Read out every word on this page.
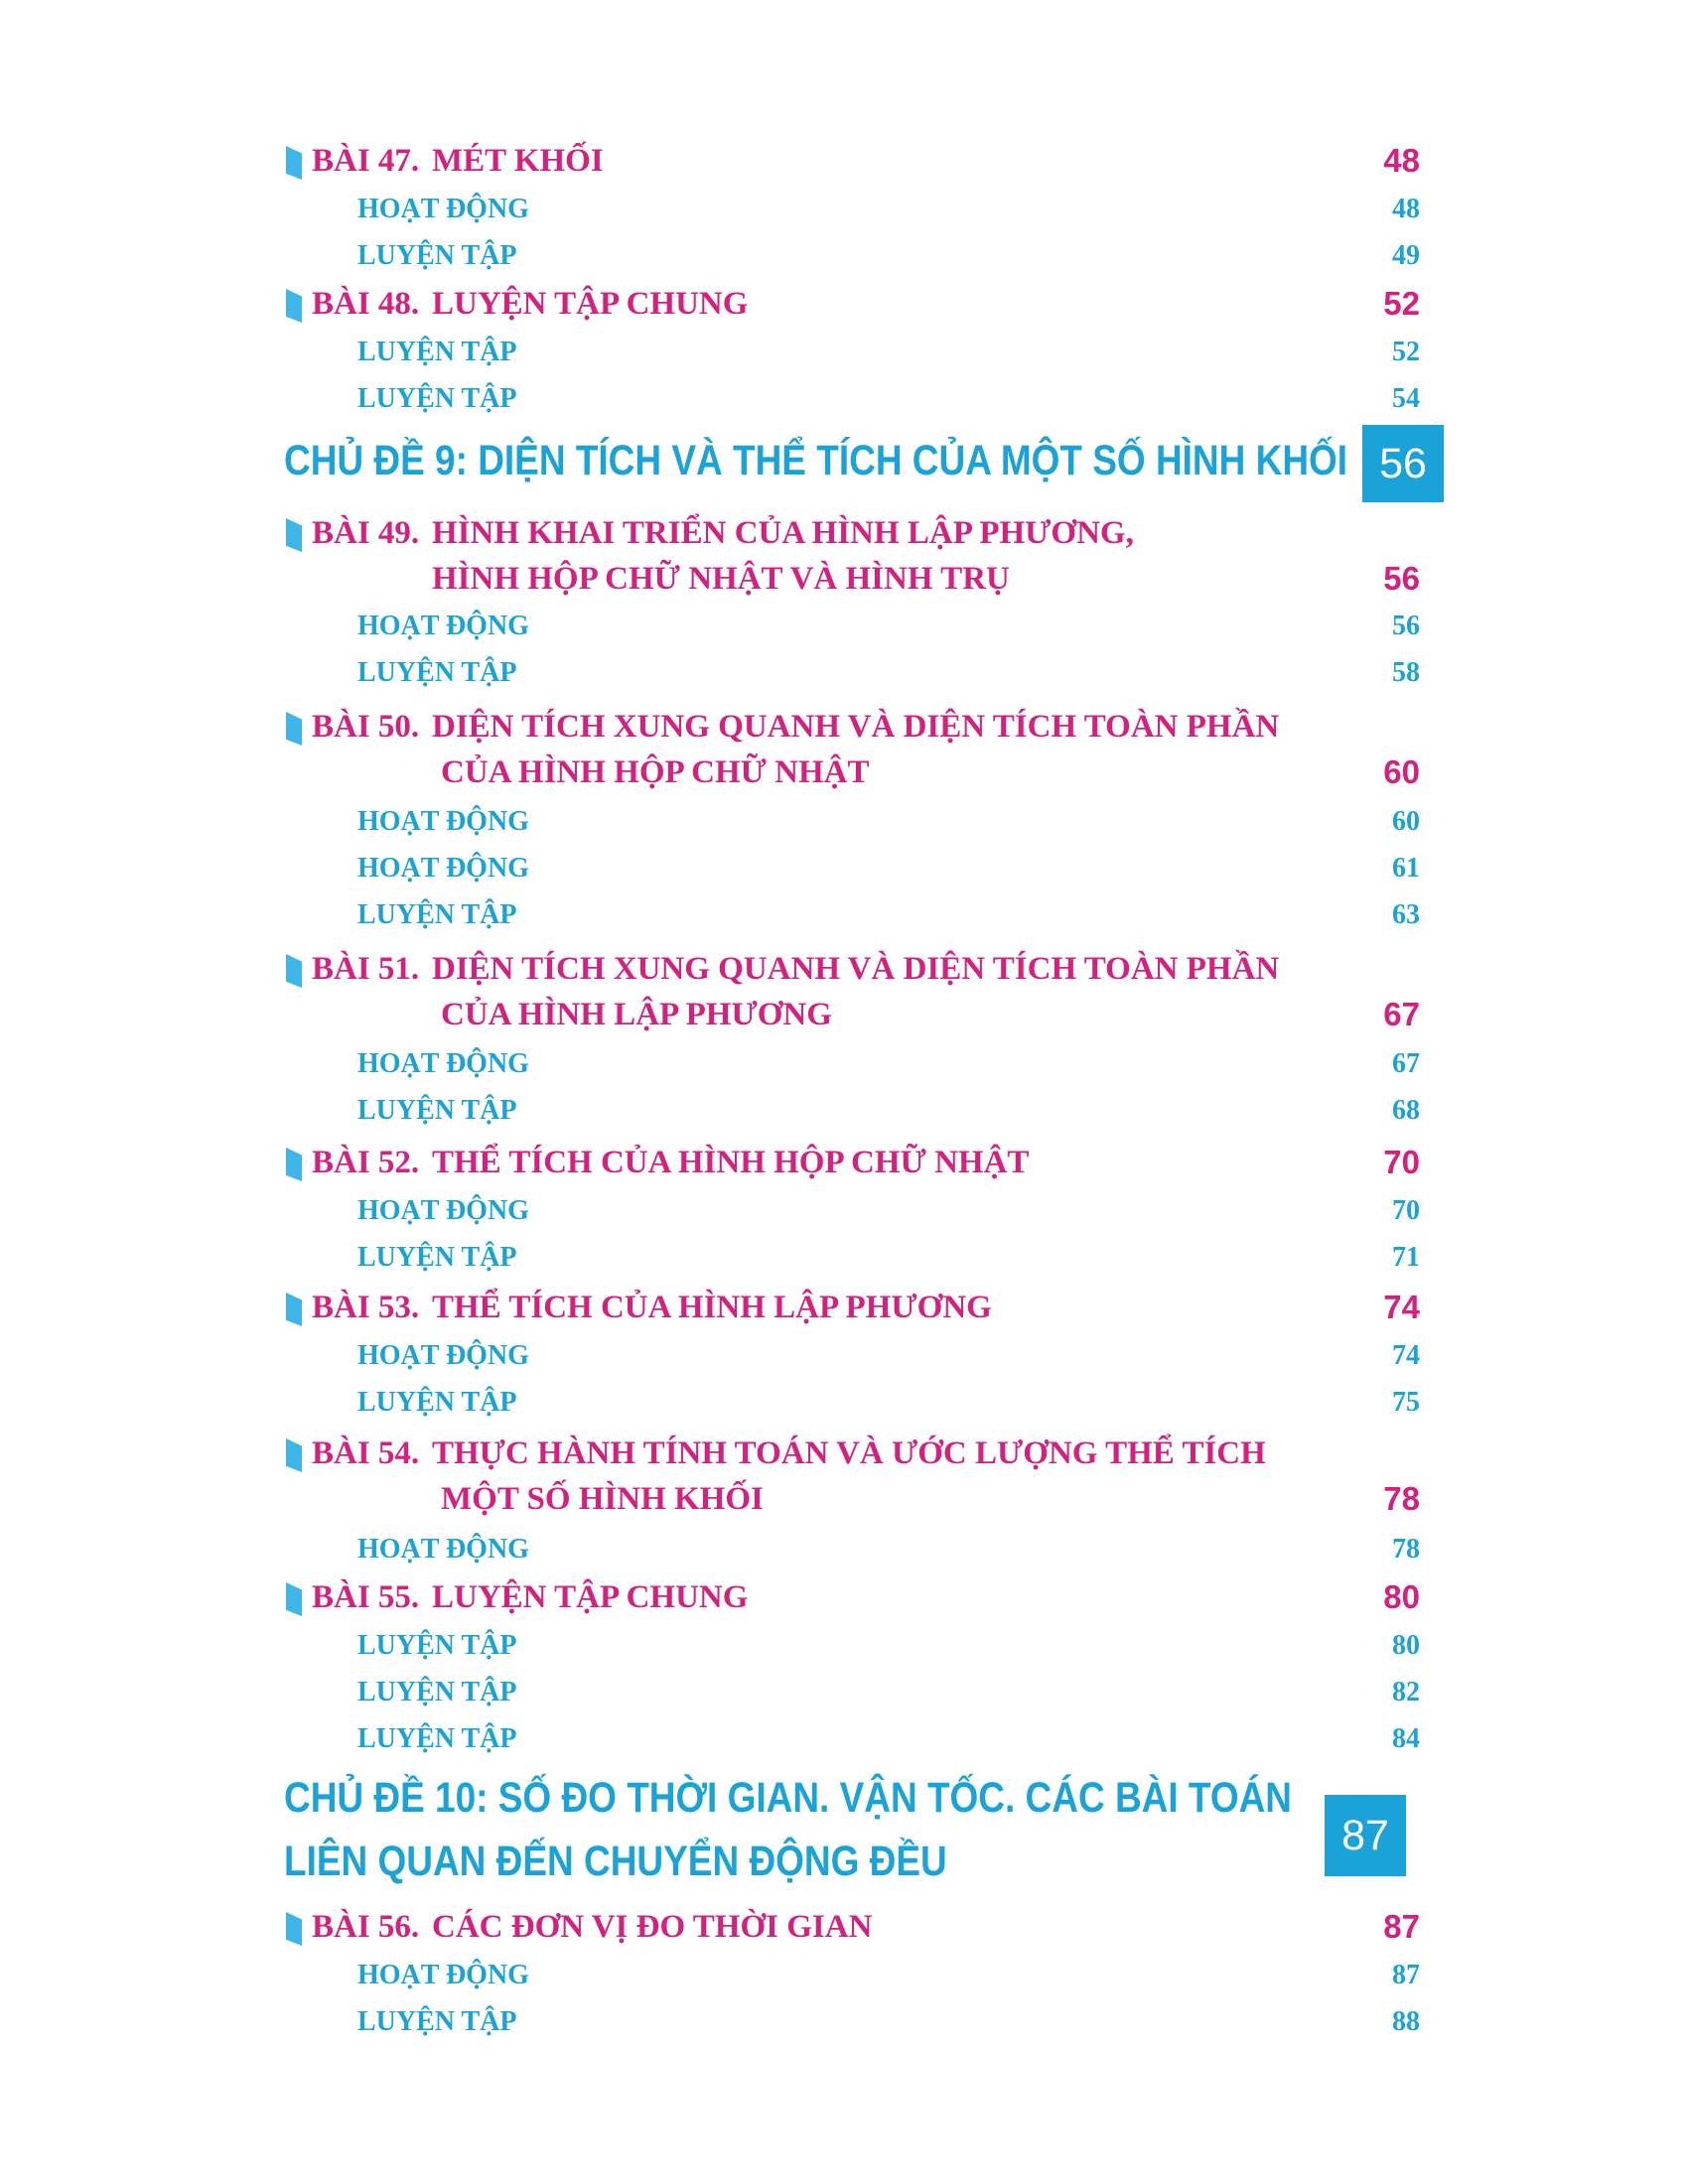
BÀI 47. MÉT KHỐI	48
HOẠT ĐỘNG	48
LUYỆN TẬP	49
BÀI 48. LUYỆN TẬP CHUNG	52
LUYỆN TẬP	52
LUYỆN TẬP	54
CHỦ ĐỀ 9: DIỆN TÍCH VÀ THỂ TÍCH CỦA MỘT SỐ HÌNH KHỐI 56
BÀI 49. HÌNH KHAI TRIỂN CỦA HÌNH LẬP PHƯƠNG,
HÌNH HỘP CHỮ NHẬT VÀ HÌNH TRỤ	56
HOẠT ĐỘNG	56
LUYỆN TẬP	58
BÀI 50. DIỆN TÍCH XUNG QUANH VÀ DIỆN TÍCH TOÀN PHẦN
CỦA HÌNH HỘP CHỮ NHẬT	60
HOẠT ĐỘNG	60
HOẠT ĐỘNG	61
LUYỆN TẬP	63
BÀI 51. DIỆN TÍCH XUNG QUANH VÀ DIỆN TÍCH TOÀN PHẦN
CỦA HÌNH LẬP PHƯƠNG	67
HOẠT ĐỘNG	67
LUYỆN TẬP	68
BÀI 52. THỂ TÍCH CỦA HÌNH HỘP CHỮ NHẬT	70
HOẠT ĐỘNG	70
LUYỆN TẬP	71
BÀI 53. THỂ TÍCH CỦA HÌNH LẬP PHƯƠNG	74
HOẠT ĐỘNG	74
LUYỆN TẬP	75
BÀI 54. THỰC HÀNH TÍNH TOÁN VÀ ƯỚC LƯỢNG THỂ TÍCH
MỘT SỐ HÌNH KHỐI	78
HOẠT ĐỘNG	78
BÀI 55. LUYỆN TẬP CHUNG	80
LUYỆN TẬP	80
LUYỆN TẬP	82
LUYỆN TẬP	84
CHỦ ĐỀ 10: SỐ ĐO THỜI GIAN. VẬN TỐC. CÁC BÀI TOÁN
LIÊN QUAN ĐẾN CHUYỂN ĐỘNG ĐỀU
87
BÀI 56. CÁC ĐƠN VỊ ĐO THỜI GIAN	87
HOẠT ĐỘNG	87
LUYỆN TẬP	88
